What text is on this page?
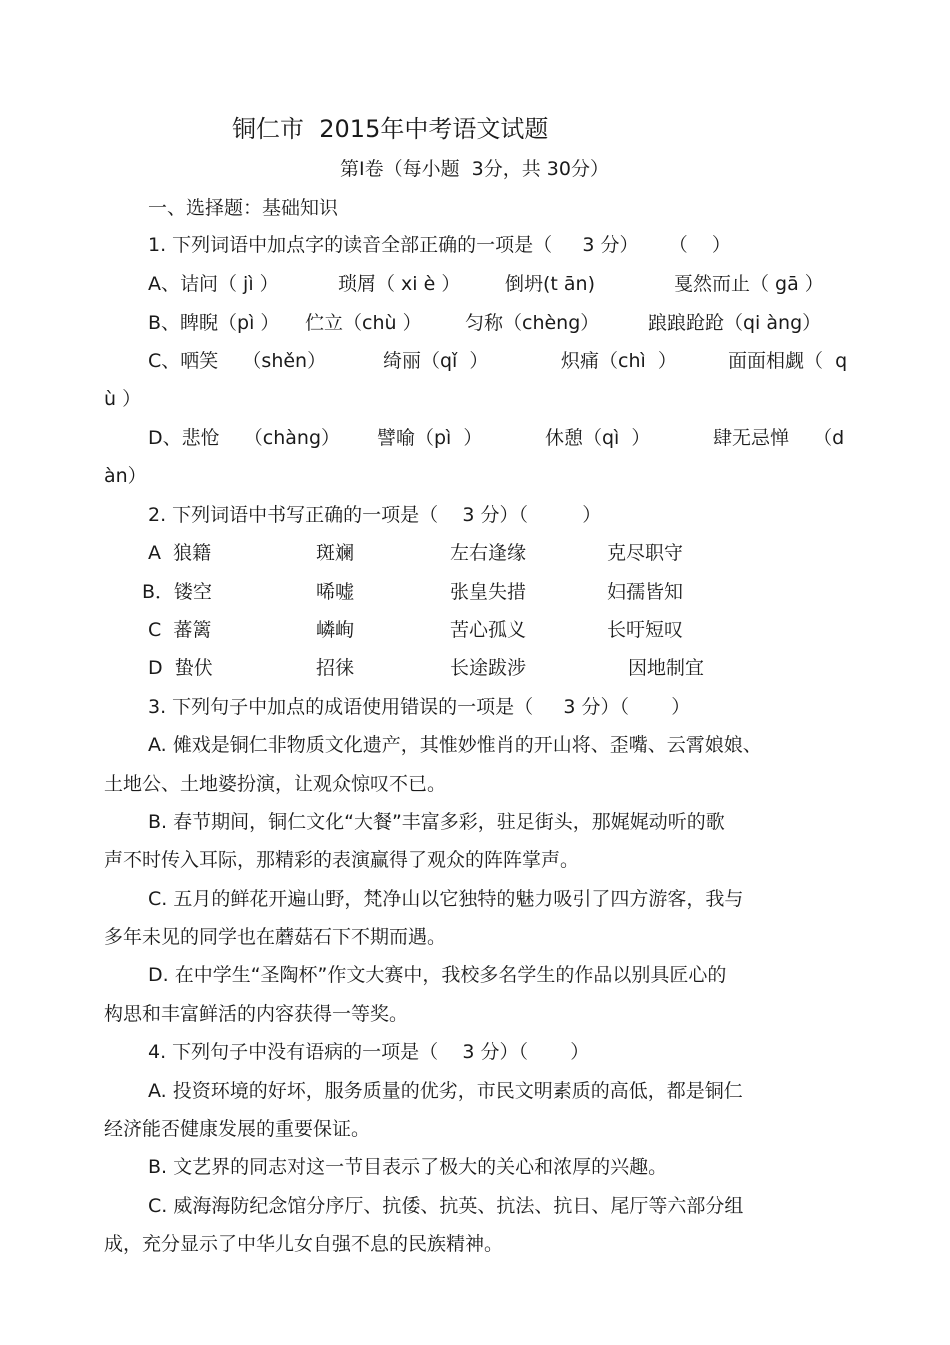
铜仁市  2015年中考语文试题
第Ⅰ卷（每小题  3分，共 30分）
一、选择题：基础知识
1. 下列词语中加点字的读音全部正确的一项是（     3 分）     （    ）
A、诘问（ jì ）	琐屑（ xi è ） 倒坍(t ān)	戛然而止（ gā ）
B、睥睨（pì ） 伫立（chù ） 匀称（chèng）	踉踉跄跄（qi àng）
C、哂笑    （shěn）	绮丽（qǐ  ）	炽痛（chì  ）	面面相觑（  q
ù ）
D、悲怆    （chàng） 譬喻（pì  ）	休憩（qì  ）	肆无忌惮    （d
àn）
2. 下列词语中书写正确的一项是（    3 分）（         ）
A  狼籍	斑斓	左右逢缘	克尽职守
B．镂空	唏嘘	张皇失措	妇孺皆知
C  蕃篱	嶙峋	苦心孤义	长吁短叹
D  蛰伏	招徕	长途跋涉	因地制宜
3. 下列句子中加点的成语使用错误的一项是（     3 分）（       ）
A. 傩戏是铜仁非物质文化遗产，其惟妙惟肖的开山将、歪嘴、云霄娘娘、
土地公、土地婆扮演，让观众惊叹不已。
B. 春节期间，铜仁文化“大餐”丰富多彩，驻足街头，那娓娓动听的歌
声不时传入耳际，那精彩的表演赢得了观众的阵阵掌声。
C. 五月的鲜花开遍山野，梵净山以它独特的魅力吸引了四方游客，我与
多年未见的同学也在蘑菇石下不期而遇。
D. 在中学生“圣陶杯”作文大赛中，我校多名学生的作品以别具匠心的
构思和丰富鲜活的内容获得一等奖。
4. 下列句子中没有语病的一项是（    3 分）（       ）
A. 投资环境的好坏，服务质量的优劣，市民文明素质的高低，都是铜仁
经济能否健康发展的重要保证。
B. 文艺界的同志对这一节目表示了极大的关心和浓厚的兴趣。
C. 威海海防纪念馆分序厅、抗倭、抗英、抗法、抗日、尾厅等六部分组
成，充分显示了中华儿女自强不息的民族精神。
